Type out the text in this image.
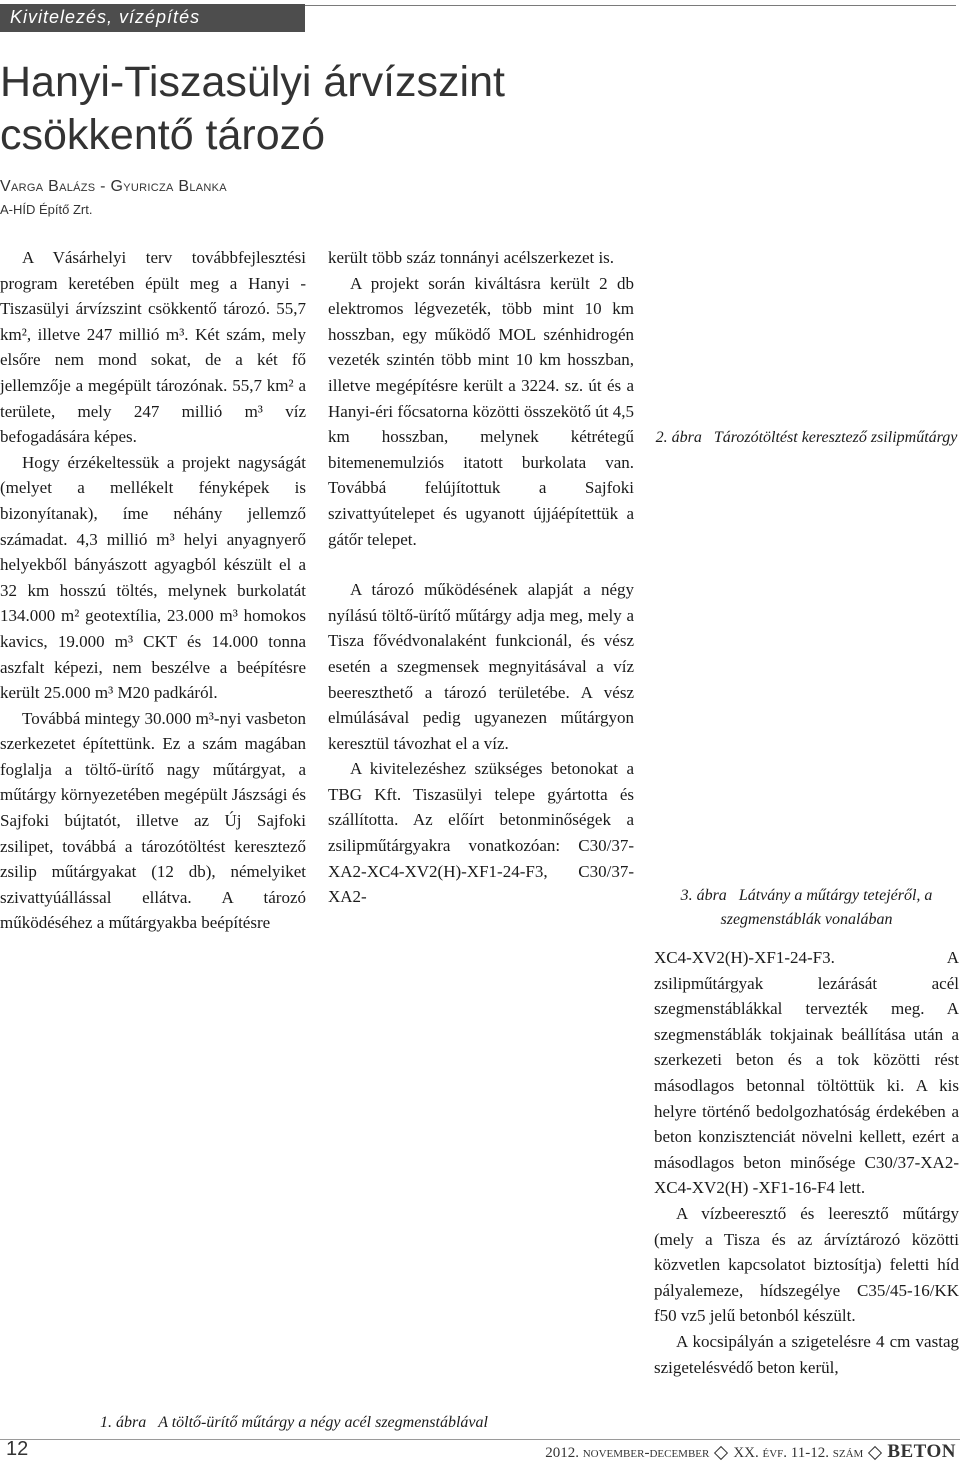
Kivitelezés, vízépítés
Hanyi-Tiszasülyi árvízszint csökkentő tározó
Varga Balázs - Gyuricza Blanka
A-HÍD Építő Zrt.

A Vásárhelyi terv továbbfejlesztési program keretében épült meg a Hanyi -Tiszasülyi árvízszint csökkentő tározó. 55,7 km², illetve 247 millió m³. Két szám, mely elsőre nem mond sokat, de a két fő jellemzője a megépült tározónak. 55,7 km² a területe, mely 247 millió m³ víz befogadására képes.

Hogy érzékeltessük a projekt nagyságát (melyet a mellékelt fényképek is bizonyítanak), íme néhány jellemző számadat. 4,3 millió m³ helyi anyagnyerő helyekből bányászott agyagból készült el a 32 km hosszú töltés, melynek burkolatát 134.000 m² geotextília, 23.000 m³ homokos kavics, 19.000 m³ CKT és 14.000 tonna aszfalt képezi, nem beszélve a beépítésre került 25.000 m³ M20 padkáról.

Továbbá mintegy 30.000 m³-nyi vasbeton szerkezetet építettünk. Ez a szám magában foglalja a töltő-ürítő nagy műtárgyat, a műtárgy környezetében megépült Jászsági és Sajfoki bújtatót, illetve az Új Sajfoki zsilipet, továbbá a tározótöltést keresztező zsilip műtárgyakat (12 db), némelyiket szivattyúállással ellátva. A tározó működéséhez a műtárgyakba beépítésre

került több száz tonnányi acélszerkezet is.

A projekt során kiváltásra került 2 db elektromos légvezeték, több mint 10 km hosszban, egy működő MOL szénhidrogén vezeték szintén több mint 10 km hosszban, illetve megépítésre került a 3224. sz. út és a Hanyi-éri főcsatorna közötti összekötő út 4,5 km hosszban, melynek kétrétegű bitemenemulziós itatott burkolata van. Továbbá felújítottuk a Sajfoki szivattyútelepet és ugyanott újjáépítettük a gátőr telepet.

A tározó működésének alapját a négy nyílású töltő-ürítő műtárgy adja meg, mely a Tisza fővédvonalaként funkcionál, és vész esetén a szegmensek megnyitásával a víz beereszthető a tározó területébe. A vész elmúlásával pedig ugyanezen műtárgyon keresztül távozhat el a víz.

A kivitelezéshez szükséges betonokat a TBG Kft. Tiszasülyi telepe gyártotta és szállította. Az előírt betonminőségek a zsilipműtárgyakra vonatkozóan: C30/37-XA2-XC4-XV2(H)-XF1-24-F3, C30/37-XA2-

2. ábra Tározótöltést keresztező zsilipműtárgy
3. ábra Látvány a műtárgy tetejéről, a szegmenstáblák vonalában

XC4-XV2(H)-XF1-24-F3. A zsilipműtárgyak lezárását acél szegmenstáblákkal tervezték meg. A szegmenstáblák tokjainak beállítása után a szerkezeti beton és a tok közötti rést másodlagos betonnal töltöttük ki. A kis helyre történő bedolgozhatóság érdekében a beton konzisztenciát növelni kellett, ezért a másodlagos beton minősége C30/37-XA2-XC4-XV2(H) -XF1-16-F4 lett.

A vízbeeresztő és leeresztő műtárgy (mely a Tisza és az árvíztározó közötti közvetlen kapcsolatot biztosítja) feletti híd pályalemeze, hídszegélye C35/45-16/KK f50 vz5 jelű betonból készült.

A kocsipályán a szigetelésre 4 cm vastag szigetelésvédő beton kerül,

1. ábra A töltő-ürítő műtárgy a négy acél szegmenstáblával
12	2012. november-december XX. évf. 11-12. szám BETON
